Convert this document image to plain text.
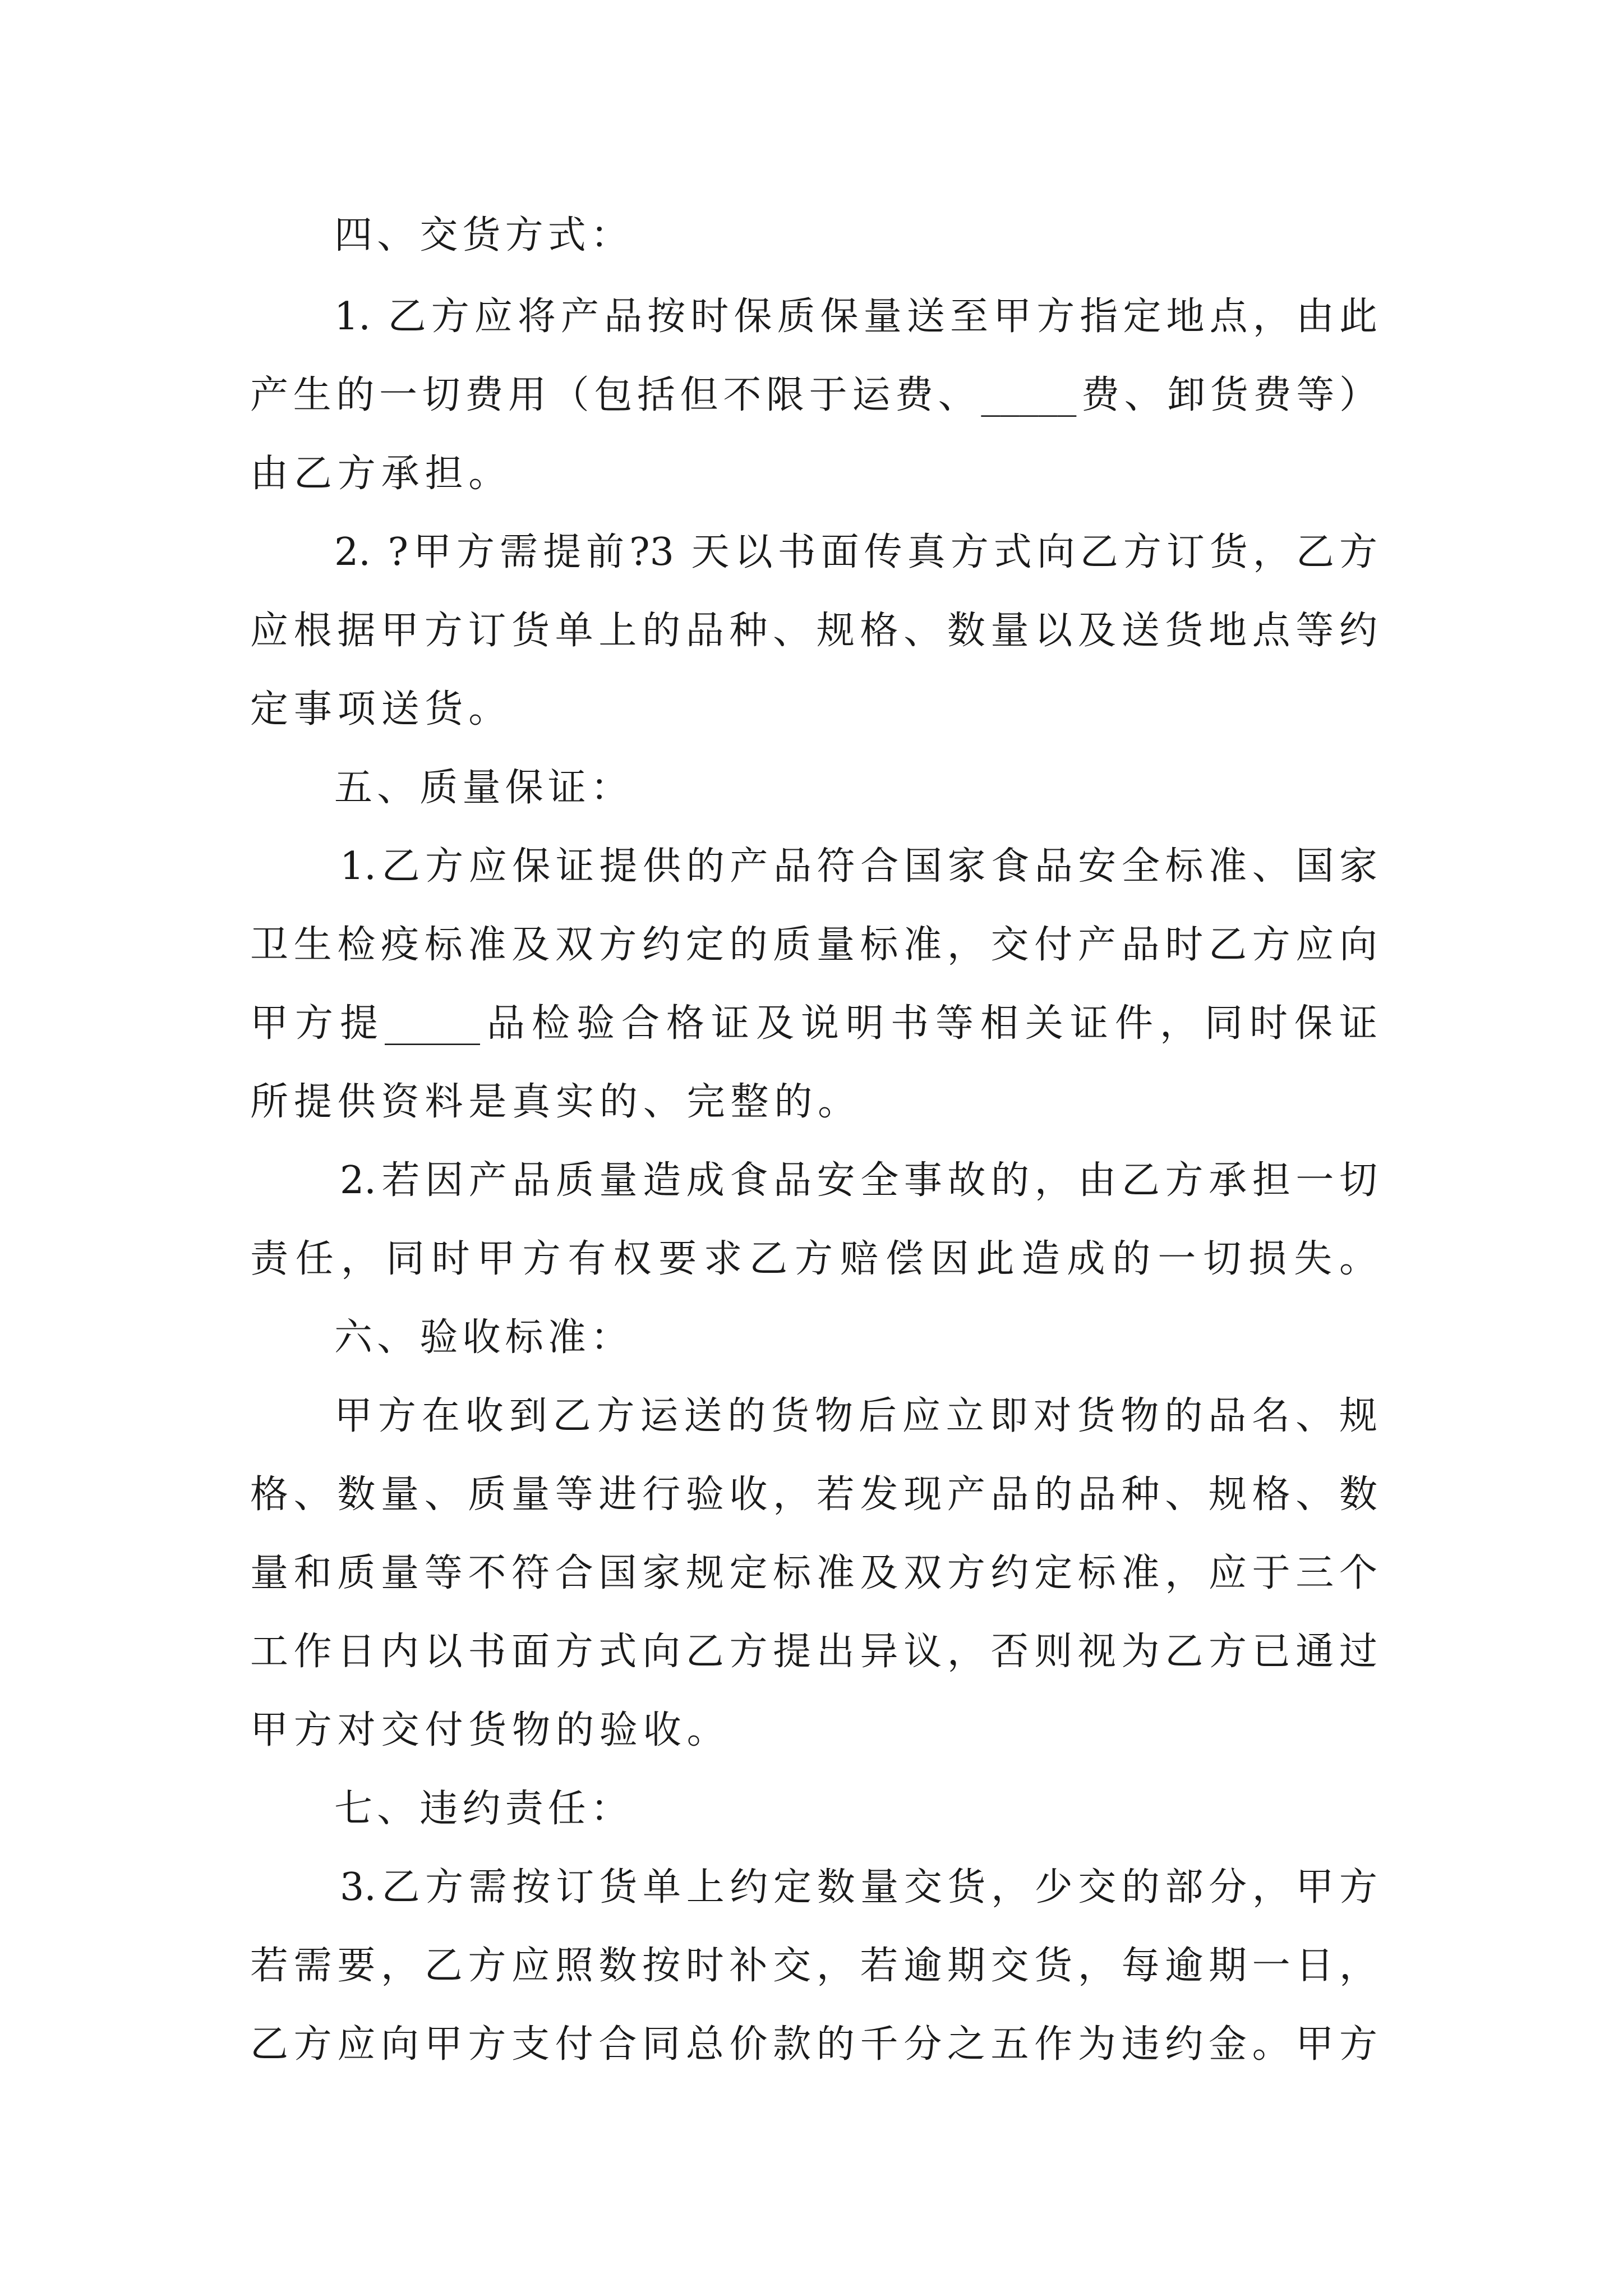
四、交货方式：
1. 乙方应将产品按时保质保量送至甲方指定地点，由此
产生的一切费用（包括但不限于运费、_____费、卸货费等）
由乙方承担。
2. ?甲方需提前?3 天以书面传真方式向乙方订货，乙方
应根据甲方订货单上的品种、规格、数量以及送货地点等约
定事项送货。
五、质量保证：
1.乙方应保证提供的产品符合国家食品安全标准、国家
卫生检疫标准及双方约定的质量标准，交付产品时乙方应向
甲方提_____品检验合格证及说明书等相关证件，同时保证
所提供资料是真实的、完整的。
2.若因产品质量造成食品安全事故的，由乙方承担一切
责任，同时甲方有权要求乙方赔偿因此造成的一切损失。
六、验收标准：
甲方在收到乙方运送的货物后应立即对货物的品名、规
格、数量、质量等进行验收，若发现产品的品种、规格、数
量和质量等不符合国家规定标准及双方约定标准，应于三个
工作日内以书面方式向乙方提出异议，否则视为乙方已通过
甲方对交付货物的验收。
七、违约责任：
3.乙方需按订货单上约定数量交货，少交的部分，甲方
若需要，乙方应照数按时补交，若逾期交货，每逾期一日，
乙方应向甲方支付合同总价款的千分之五作为违约金。甲方
